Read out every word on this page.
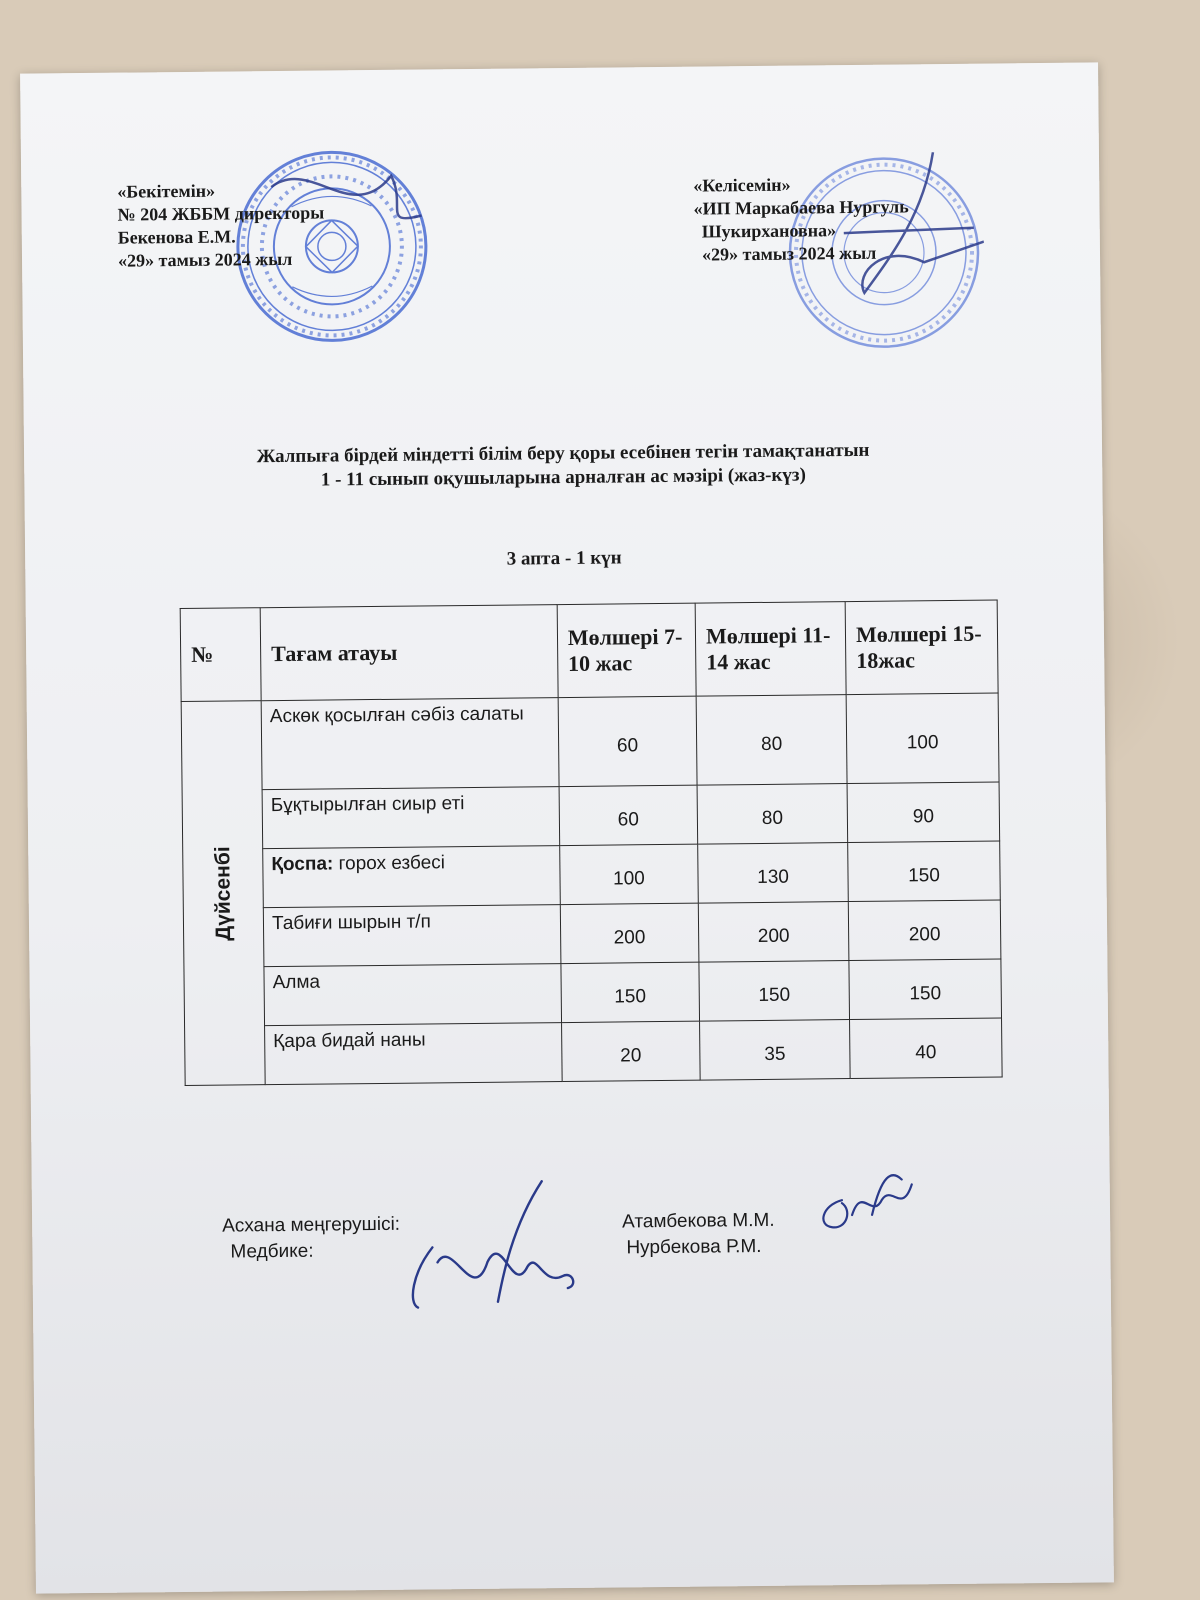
«Бекітемін»
№ 204 ЖББМ директоры
Бекенова Е.М.
«29» тамыз 2024 жыл
«Келісемін»
«ИП Маркабаева Нургуль
Шукирхановна»
«29» тамыз 2024 жыл
Жалпыға бірдей міндетті білім беру қоры есебінен тегін тамақтанатын
1 - 11 сынып оқушыларына арналған ас мәзірі (жаз-күз)
3 апта - 1 күн
№	Тағам атауы	Мөлшері 7-10 жас	Мөлшері 11-14 жас	Мөлшері 15-18жас

Дүйсенбі	Аскөк қосылған сәбіз салаты	60	80	100
	Бұқтырылған сиыр еті	60	80	90
	Қоспа: горох езбесі	100	130	150
	Табиғи шырын т/п	200	200	200
	Алма	150	150	150
	Қара бидай наны	20	35	40
Асхана меңгерушісі:
Медбике:
Атамбекова М.М.
Нурбекова Р.М.
